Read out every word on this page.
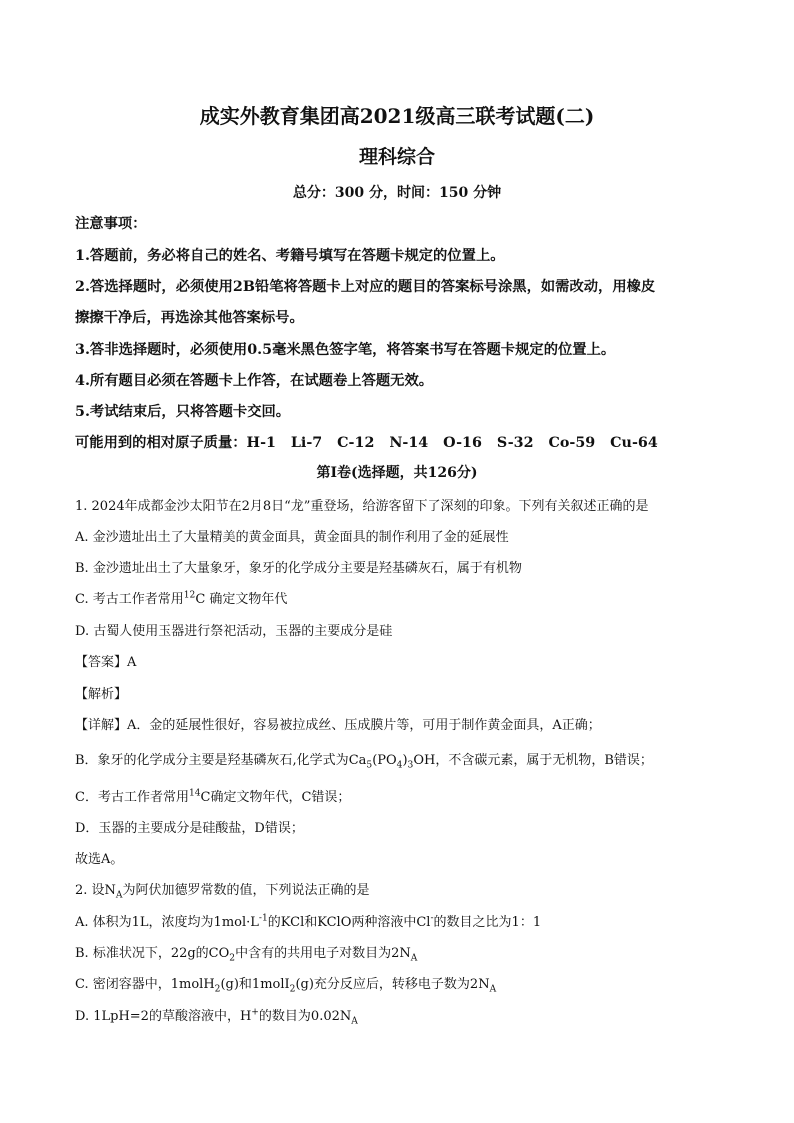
成实外教育集团高2021级高三联考试题(二)
理科综合
总分：300 分，时间：150 分钟
注意事项：
1.答题前，务必将自己的姓名、考籍号填写在答题卡规定的位置上。
2.答选择题时，必须使用2B铅笔将答题卡上对应的题目的答案标号涂黑，如需改动，用橡皮
擦擦干净后，再选涂其他答案标号。
3.答非选择题时，必须使用0.5毫米黑色签字笔，将答案书写在答题卡规定的位置上。
4.所有题目必须在答题卡上作答，在试题卷上答题无效。
5.考试结束后，只将答题卡交回。
可能用到的相对原子质量：H-1   Li-7   C-12   N-14   O-16   S-32   Co-59   Cu-64
第I卷(选择题，共126分)
1. 2024年成都金沙太阳节在2月8日“龙”重登场，给游客留下了深刻的印象。下列有关叙述正确的是
A. 金沙遗址出土了大量精美的黄金面具，黄金面具的制作利用了金的延展性
B. 金沙遗址出土了大量象牙，象牙的化学成分主要是羟基磷灰石，属于有机物
C. 考古工作者常用$^{12}$C 确定文物年代
D. 古蜀人使用玉器进行祭祀活动，玉器的主要成分是硅
【答案】A
【解析】
【详解】A．金的延展性很好，容易被拉成丝、压成膜片等，可用于制作黄金面具，A正确；
B．象牙的化学成分主要是羟基磷灰石,化学式为$Ca_5(PO_4)_3OH$，不含碳元素，属于无机物，B错误；
C．考古工作者常用$^{14}$C确定文物年代，C错误；
D．玉器的主要成分是硅酸盐，D错误；
故选A。
2. 设$N_A$为阿伏加德罗常数的值，下列说法正确的是
A. 体积为1L，浓度均为$1mol\cdot L^{-1}$的KCl和KClO两种溶液中Cl-的数目之比为1：1
B. 标准状况下，22g的$CO_2$中含有的共用电子对数目为$2N_A$
C. 密闭容器中，1molH$_2$(g)和1molI$_2$(g)充分反应后，转移电子数为$2N_A$
D. 1LpH=2的草酸溶液中，H+的数目为$0.02N_A$
